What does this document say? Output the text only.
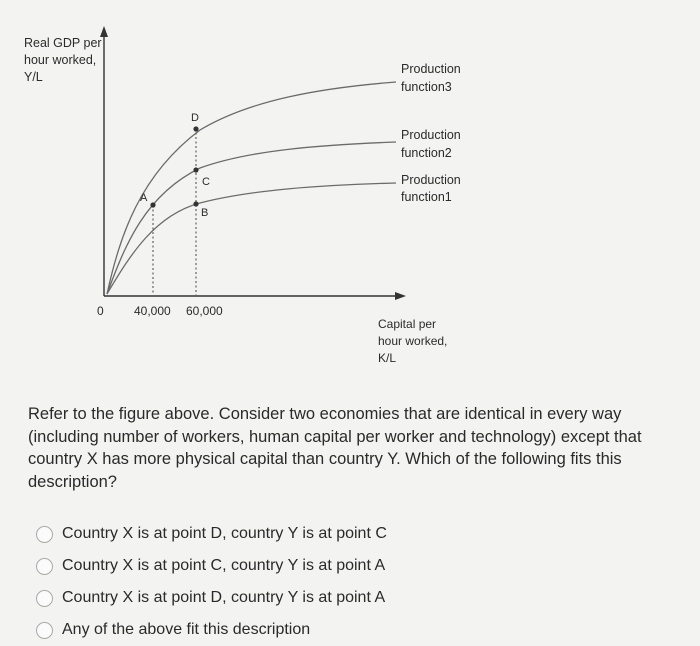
A
B
C
D
Real GDP per
hour worked,
Y/L
0	40,000 60,000
Capital per
hour worked,
K/L
Production
function3
Production
function2
Production
function1
Refer to the figure above. Consider two economies that are identical in every way (including number of workers, human capital per worker and technology) except that country X has more physical capital than country Y. Which of the following fits this description?
Country X is at point D, country Y is at point C
Country X is at point C, country Y is at point A
Country X is at point D, country Y is at point A
Any of the above fit this description
